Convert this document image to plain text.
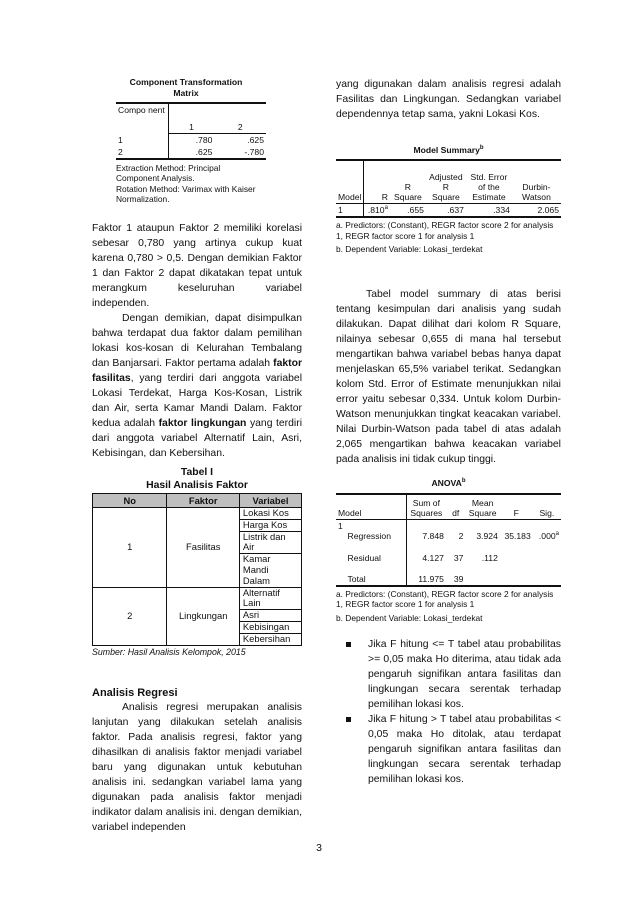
Component Transformation Matrix
Compo nent	1	2
1	.780	.625
2	.625	-.780
Extraction Method: Principal Component Analysis.
Rotation Method: Varimax with Kaiser Normalization.

Faktor 1 ataupun Faktor 2 memiliki korelasi sebesar 0,780 yang artinya cukup kuat karena 0,780 > 0,5. Dengan demikian Faktor 1 dan Faktor 2 dapat dikatakan tepat untuk merangkum keseluruhan variabel independen.

Dengan demikian, dapat disimpulkan bahwa terdapat dua faktor dalam pemilihan lokasi kos-kosan di Kelurahan Tembalang dan Banjarsari. Faktor pertama adalah faktor fasilitas, yang terdiri dari anggota variabel Lokasi Terdekat, Harga Kos-Kosan, Listrik dan Air, serta Kamar Mandi Dalam. Faktor kedua adalah faktor lingkungan yang terdiri dari anggota variabel Alternatif Lain, Asri, Kebisingan, dan Kebersihan.

Tabel I
Hasil Analisis Faktor
No	Faktor	Variabel
1	Fasilitas	Lokasi Kos
		Harga Kos
		Listrik dan Air
		Kamar Mandi Dalam
2	Lingkungan	Alternatif Lain
		Asri
		Kebisingan
		Kebersihan
Sumber: Hasil Analisis Kelompok, 2015
Analisis Regresi

Analisis regresi merupakan analisis lanjutan yang dilakukan setelah analisis faktor. Pada analisis regresi, faktor yang dihasilkan di analisis faktor menjadi variabel baru yang digunakan untuk kebutuhan analisis ini. sedangkan variabel lama yang digunakan pada analisis faktor menjadi indikator dalam analisis ini. dengan demikian, variabel independen

yang digunakan dalam analisis regresi adalah Fasilitas dan Lingkungan. Sedangkan variabel dependennya tetap sama, yakni Lokasi Kos.

Model Summary$^b$
Model	R	R Square	Adjusted R Square	Std. Error of the Estimate	Durbin-Watson
1	.810$^a$	.655	.637	.334	2.065
a. Predictors: (Constant), REGR factor score 2 for analysis 1, REGR factor score 1 for analysis 1
b. Dependent Variable: Lokasi_terdekat

Tabel model summary di atas berisi tentang kesimpulan dari analisis yang sudah dilakukan. Dapat dilihat dari kolom R Square, nilainya sebesar 0,655 di mana hal tersebut mengartikan bahwa variabel bebas hanya dapat menjelaskan 65,5% variabel terikat. Sedangkan kolom Std. Error of Estimate menunjukkan nilai error yaitu sebesar 0,334. Untuk kolom Durbin-Watson menunjukkan tingkat keacakan variabel. Nilai Durbin-Watson pada tabel di atas adalah 2,065 mengartikan bahwa keacakan variabel pada analisis ini tidak cukup tinggi.

ANOVA$^b$
Model		Sum of Squares	df	Mean Square	F	Sig.
1	Regression	7.848	2	3.924	35.183	.000$^a$
	Residual	4.127	37	.112		
	Total	11.975	39			
a. Predictors: (Constant), REGR factor score 2 for analysis 1, REGR factor score 1 for analysis 1
b. Dependent Variable: Lokasi_terdekat
Jika F hitung <= T tabel atau probabilitas >= 0,05 maka Ho diterima, atau tidak ada pengaruh signifikan antara fasilitas dan lingkungan secara serentak terhadap pemilihan lokasi kos.
Jika F hitung > T tabel atau probabilitas < 0,05 maka Ho ditolak, atau terdapat pengaruh signifikan antara fasilitas dan lingkungan secara serentak terhadap pemilihan lokasi kos.
3
